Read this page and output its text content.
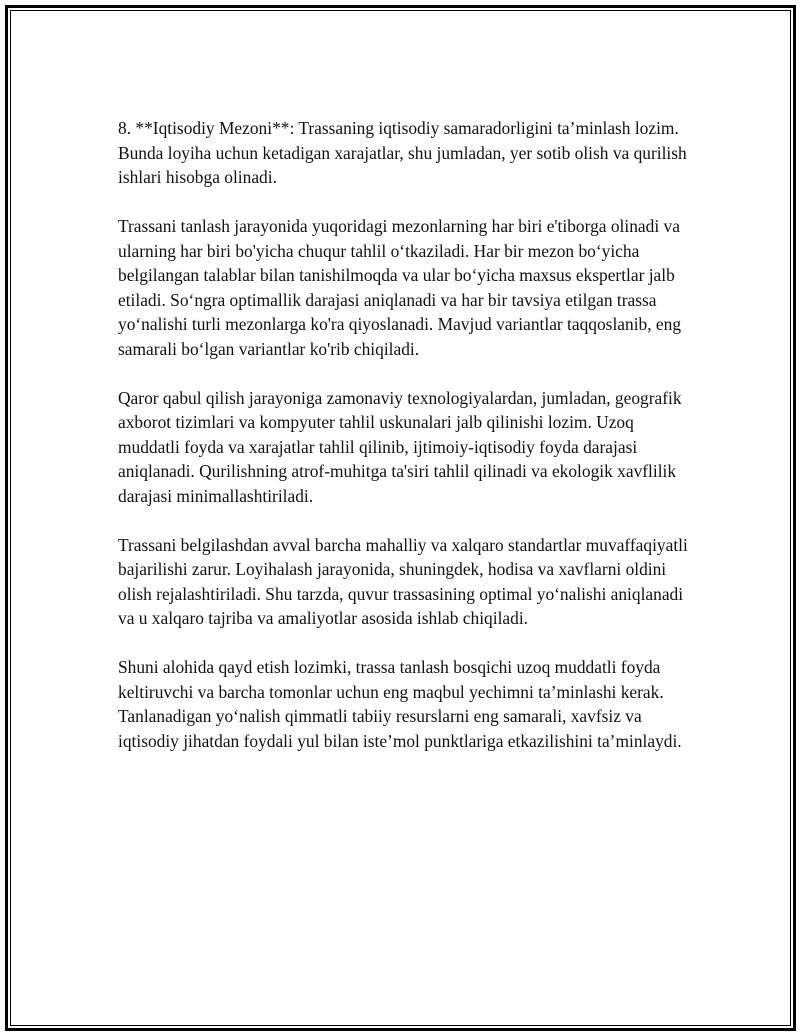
8. **Iqtisodiy Mezoni**: Trassaning iqtisodiy samaradorligini ta’minlash lozim. Bunda loyiha uchun ketadigan xarajatlar, shu jumladan, yer sotib olish va qurilish ishlari hisobga olinadi.

Trassani tanlash jarayonida yuqoridagi mezonlarning har biri e'tiborga olinadi va ularning har biri bo'yicha chuqur tahlil o‘tkaziladi. Har bir mezon bo‘yicha belgilangan talablar bilan tanishilmoqda va ular bo‘yicha maxsus ekspertlar jalb etiladi. So‘ngra optimallik darajasi aniqlanadi va har bir tavsiya etilgan trassa yo‘nalishi turli mezonlarga ko'ra qiyoslanadi. Mavjud variantlar taqqoslanib, eng samarali bo‘lgan variantlar ko'rib chiqiladi.

Qaror qabul qilish jarayoniga zamonaviy texnologiyalardan, jumladan, geografik axborot tizimlari va kompyuter tahlil uskunalari jalb qilinishi lozim. Uzoq muddatli foyda va xarajatlar tahlil qilinib, ijtimoiy-iqtisodiy foyda darajasi aniqlanadi. Qurilishning atrof-muhitga ta'siri tahlil qilinadi va ekologik xavflilik darajasi minimallashtiriladi.

Trassani belgilashdan avval barcha mahalliy va xalqaro standartlar muvaffaqiyatli bajarilishi zarur. Loyihalash jarayonida, shuningdek, hodisa va xavflarni oldini olish rejalashtiriladi. Shu tarzda, quvur trassasining optimal yo‘nalishi aniqlanadi va u xalqaro tajriba va amaliyotlar asosida ishlab chiqiladi.

Shuni alohida qayd etish lozimki, trassa tanlash bosqichi uzoq muddatli foyda keltiruvchi va barcha tomonlar uchun eng maqbul yechimni ta’minlashi kerak. Tanlanadigan yo‘nalish qimmatli tabiiy resurslarni eng samarali, xavfsiz va iqtisodiy jihatdan foydali yul bilan iste’mol punktlariga etkazilishini ta’minlaydi.
